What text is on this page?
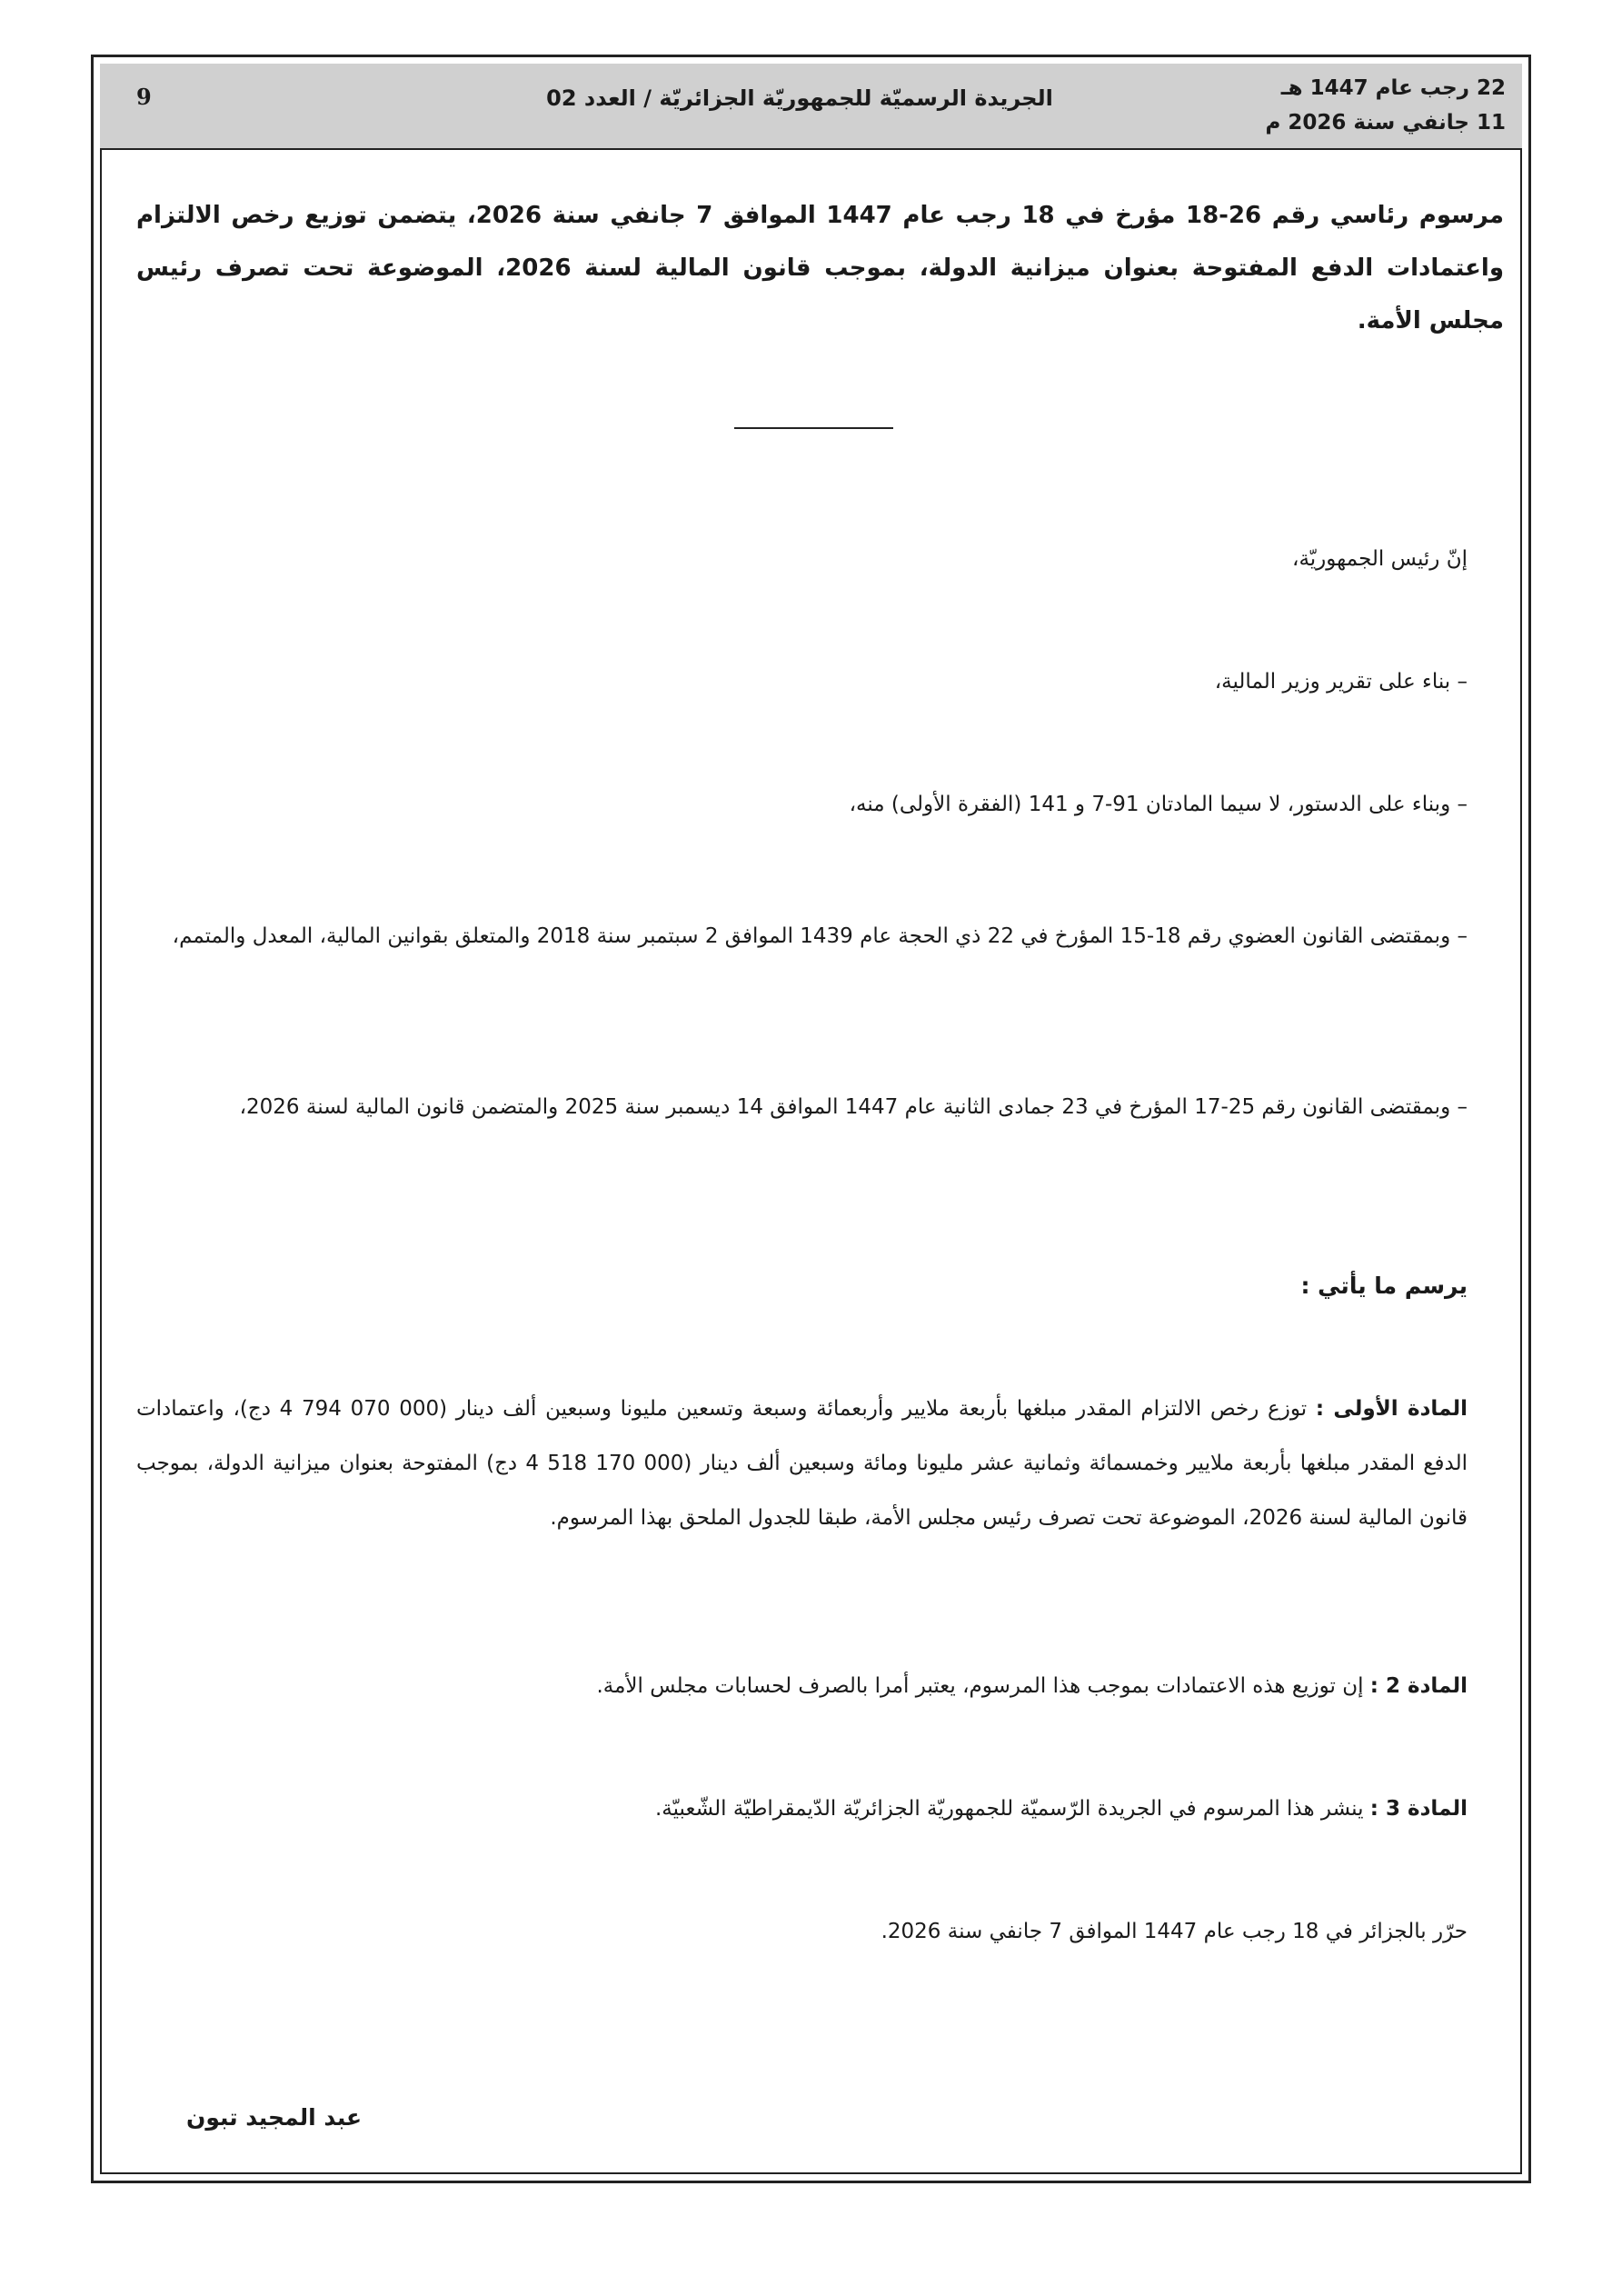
9	الجريدة الرسميّة للجمهوريّة الجزائريّة / العدد 02	22 رجب عام 1447 هـ
11 جانفي سنة 2026 م
مرسوم رئاسي رقم 26-18 مؤرخ في 18 رجب عام 1447 الموافق 7 جانفي سنة 2026، يتضمن توزيع رخص الالتزام واعتمادات الدفع المفتوحة بعنوان ميزانية الدولة، بموجب قانون المالية لسنة 2026، الموضوعة تحت تصرف رئيس مجلس الأمة.
إنّ رئيس الجمهوريّة،
– بناء على تقرير وزير المالية،
– وبناء على الدستور، لا سيما المادتان 91-7 و 141 (الفقرة الأولى) منه،
– وبمقتضى القانون العضوي رقم 18-15 المؤرخ في 22 ذي الحجة عام 1439 الموافق 2 سبتمبر سنة 2018 والمتعلق بقوانين المالية، المعدل والمتمم،
– وبمقتضى القانون رقم 25-17 المؤرخ في 23 جمادى الثانية عام 1447 الموافق 14 ديسمبر سنة 2025 والمتضمن قانون المالية لسنة 2026،
يرسم ما يأتي :
المادة الأولى : توزع رخص الالتزام المقدر مبلغها بأربعة ملايير وأربعمائة وسبعة وتسعين مليونا وسبعين ألف دينار (000 070 794 4 دج)، واعتمادات الدفع المقدر مبلغها بأربعة ملايير وخمسمائة وثمانية عشر مليونا ومائة وسبعين ألف دينار (000 170 518 4 دج) المفتوحة بعنوان ميزانية الدولة، بموجب قانون المالية لسنة 2026، الموضوعة تحت تصرف رئيس مجلس الأمة، طبقا للجدول الملحق بهذا المرسوم.
المادة 2 : إن توزيع هذه الاعتمادات بموجب هذا المرسوم، يعتبر أمرا بالصرف لحسابات مجلس الأمة.
المادة 3 : ينشر هذا المرسوم في الجريدة الرّسميّة للجمهوريّة الجزائريّة الدّيمقراطيّة الشّعبيّة.
حرّر بالجزائر في 18 رجب عام 1447 الموافق 7 جانفي سنة 2026.
عبد المجيد تبون
